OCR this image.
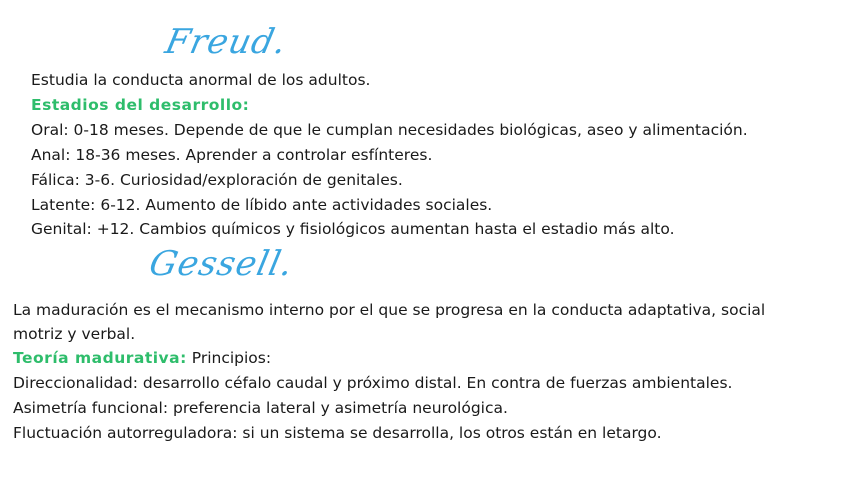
Freud.
Estudia la conducta anormal de los adultos.
Estadios del desarrollo:
Oral: 0-18 meses. Depende de que le cumplan necesidades biológicas, aseo y alimentación.
Anal: 18-36 meses. Aprender a controlar esfínteres.
Fálica: 3-6. Curiosidad/exploración de genitales.
Latente: 6-12. Aumento de líbido ante actividades sociales.
Genital: +12. Cambios químicos y fisiológicos aumentan hasta el estadio más alto.
Gessell.
La maduración es el mecanismo interno por el que se progresa en la conducta adaptativa, social
motriz y verbal.
Teoría madurativa: Principios:
Direccionalidad: desarrollo céfalo caudal y próximo distal. En contra de fuerzas ambientales.
Asimetría funcional: preferencia lateral y asimetría neurológica.
Fluctuación autorreguladora: si un sistema se desarrolla, los otros están en letargo.
